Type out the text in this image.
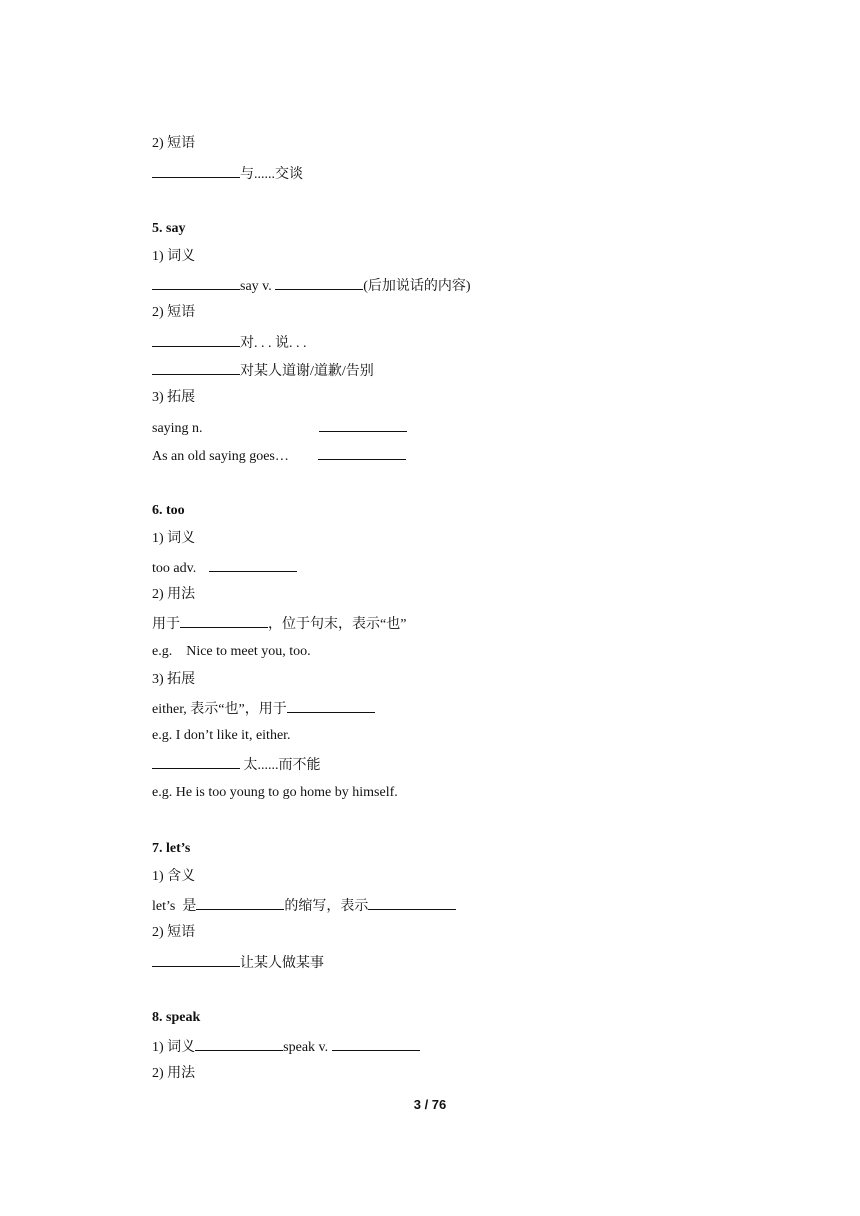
2) 短语
与......交谈
5. say
1) 词义
say v.	(后加说话的内容)
2) 短语
对. . . 说. . .
对某人道谢/道歉/告别
3) 拓展
saying n.
As an old saying goes…
6. too
1) 词义
too adv.
2) 用法
用于	，位于句末，表示“也”
e.g.    Nice to meet you, too.
3) 拓展
either, 表示“也”，用于
e.g. I don’t like it, either.
太......而不能
e.g. He is too young to go home by himself.
7. let’s
1) 含义
let’s  是	的缩写，表示
2) 短语
让某人做某事
8. speak
1) 词义	speak v.
2) 用法
3 / 76
